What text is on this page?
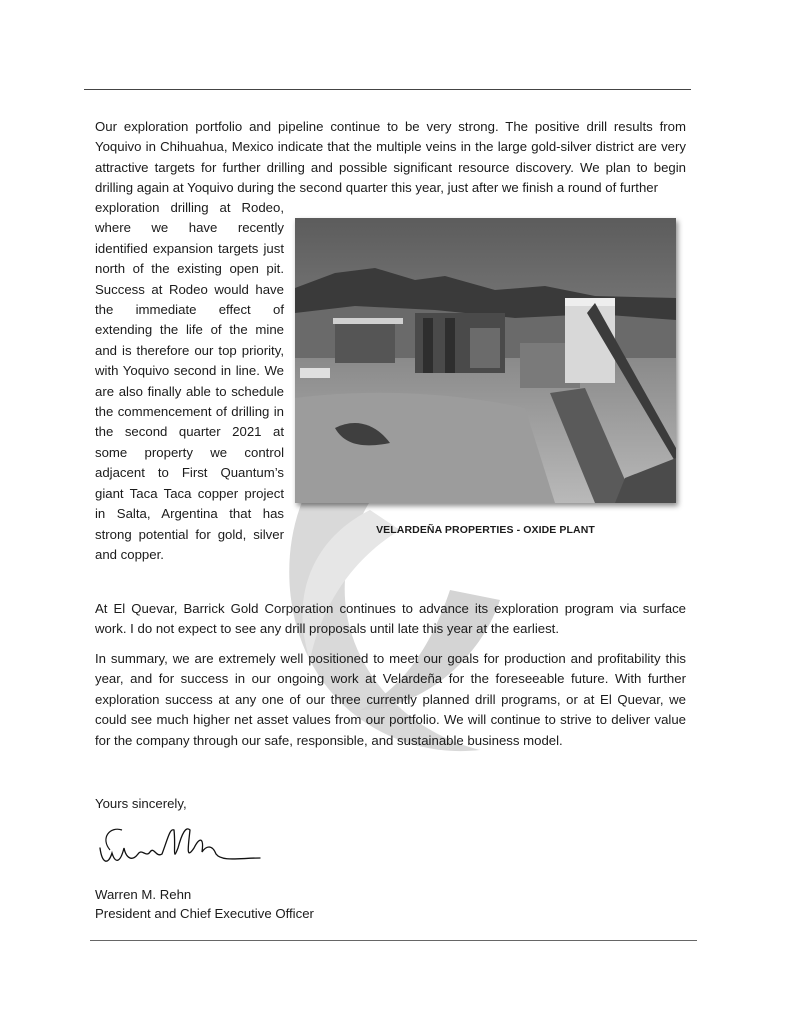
Our exploration portfolio and pipeline continue to be very strong. The positive drill results from Yoquivo in Chihuahua, Mexico indicate that the multiple veins in the large gold-silver district are very attractive targets for further drilling and possible significant resource discovery. We plan to begin drilling again at Yoquivo during the second quarter this year, just after we finish a round of further

exploration drilling at Rodeo, where we have recently identified expansion targets just north of the existing open pit. Success at Rodeo would have the immediate effect of extending the life of the mine and is therefore our top priority, with Yoquivo second in line. We are also finally able to schedule the commencement of drilling in the second quarter 2021 at some property we control adjacent to First Quantum’s giant Taca Taca copper project in Salta, Argentina that has strong potential for gold, silver and copper.

VELARDEÑA PROPERTIES - OXIDE PLANT

At El Quevar, Barrick Gold Corporation continues to advance its exploration program via surface work. I do not expect to see any drill proposals until late this year at the earliest.

In summary, we are extremely well positioned to meet our goals for production and profitability this year, and for success in our ongoing work at Velardeña for the foreseeable future. With further exploration success at any one of our three currently planned drill programs, or at El Quevar, we could see much higher net asset values from our portfolio. We will continue to strive to deliver value for the company through our safe, responsible, and sustainable business model.

Yours sincerely,

Warren M. Rehn

President and Chief Executive Officer
